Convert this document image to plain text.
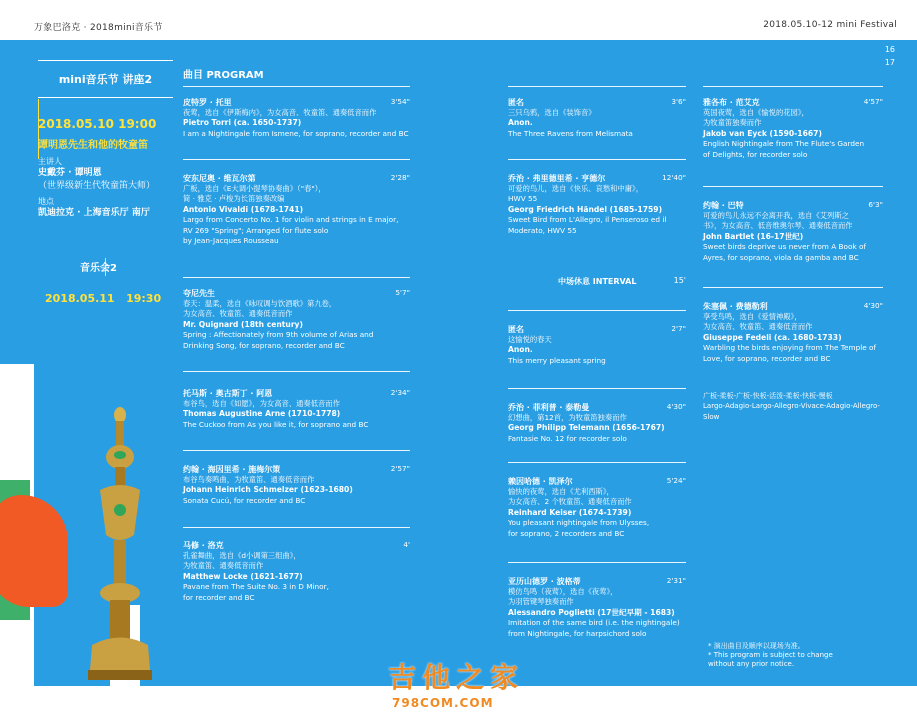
万象巴洛克 · 2018mini音乐节	2018.05.10-12 mini Festival
16
17
mini音乐节 讲座2
2018.05.10 19:00
谭明恩先生和他的牧童笛
主讲人
史戴芬 · 谭明恩
（世界级新生代牧童笛大师）
地点
凯迪拉克 · 上海音乐厅 南厅
音乐会2
2018.05.11 19:30
曲目 PROGRAM
皮特罗 · 托里	3'54"
夜莺，选自《伊斯梅内》，为女高音、牧童笛、通奏低音而作
Pietro Torri (ca. 1650-1737)
I am a Nightingale from Ismene, for soprano, recorder and BC
安东尼奥 · 维瓦尔第	2'28"
广板，选自《E大调小提琴协奏曲》（"春"），
简 · 雅克 · 卢梭为长笛独奏改编
Antonio Vivaldi (1678-1741)
Largo from Concerto No. 1 for violin and strings in E major,
RV 269 "Spring"; Arranged for flute solo
by Jean-Jacques Rousseau
夸尼先生	5'7"
春天：温柔，选自《咏叹调与饮酒歌》第九卷，
为女高音、牧童笛、通奏低音而作
Mr. Quignard (18th century)
Spring : Affectionately from 9th volume of Arias and
Drinking Song, for soprano, recorder and BC
托马斯 · 奥古斯丁 · 阿恩	2'34"
布谷鸟，选自《如愿》，为女高音、通奏低音而作
Thomas Augustine Arne (1710-1778)
The Cuckoo from As you like it, for soprano and BC
约翰 · 海因里希 · 施梅尔策	2'57"
布谷鸟奏鸣曲，为牧童笛、通奏低音而作
Johann Heinrich Schmelzer (1623-1680)
Sonata Cucú, for recorder and BC
马修 · 洛克	4'
孔雀舞曲，选自《d小调第三组曲》，
为牧童笛、通奏低音而作
Matthew Locke (1621-1677)
Pavane from The Suite No. 3 in D Minor,
for recorder and BC
匿名	3'6"
三只乌鸦，选自《装饰音》
Anon.
The Three Ravens from Melismata
乔治 · 弗里德里希 · 亨德尔	12'40"
可爱的鸟儿，选自《快乐、哀愁和中庸》，
HWV 55
Georg Friedrich Händel (1685-1759)
Sweet Bird from L'Allegro, il Penseroso ed il
Moderato, HWV 55
中场休息 INTERVAL	15'
匿名	2'7"
这愉悦的春天
Anon.
This merry pleasant spring
乔治 · 菲利普 · 泰勒曼	4'30"
幻想曲，第12首，为牧童笛独奏而作
Georg Philipp Telemann (1656-1767)
Fantasie No. 12 for recorder solo
赖因哈德 · 凯泽尔	5'24"
愉快的夜莺，选自《尤利西斯》，
为女高音、2 个牧童笛、通奏低音而作
Reinhard Keiser (1674-1739)
You pleasant nightingale from Ulysses,
for soprano, 2 recorders and BC
亚历山德罗 · 波格蒂	2'31"
模仿鸟鸣（夜莺），选自《夜莺》，
为羽管键琴独奏而作
Alessandro Poglietti (17世纪早期 - 1683)
Imitation of the same bird (i.e. the nightingale)
from Nightingale, for harpsichord solo
雅各布 · 范艾克	4'57"
英国夜莺，选自《愉悦的花园》，
为牧童笛独奏而作
Jakob van Eyck (1590-1667)
English Nightingale from The Flute's Garden
of Delights, for recorder solo
约翰 · 巴特	6'3"
可爱的鸟儿永远不会离开我，选自《艾列斯之
书》，为女高音、低音维奥尔琴、通奏低音而作
John Bartlet (16-17世纪)
Sweet birds deprive us never from A Book of
Ayres, for soprano, viola da gamba and BC
朱塞佩 · 费德勒利	4'30"
享受鸟鸣，选自《爱情神殿》，
为女高音、牧童笛、通奏低音而作
Giuseppe Fedeli (ca. 1680-1733)
Warbling the birds enjoying from The Temple of
Love, for soprano, recorder and BC
广板-柔板-广板-快板-活泼-柔板-快板-慢板
Largo-Adagio-Largo-Allegro-Vivace-Adagio-Allegro-Slow
* 演出曲目及顺序以现场为准。
* This program is subject to change
without any prior notice.
吉他之家
798COM.COM
